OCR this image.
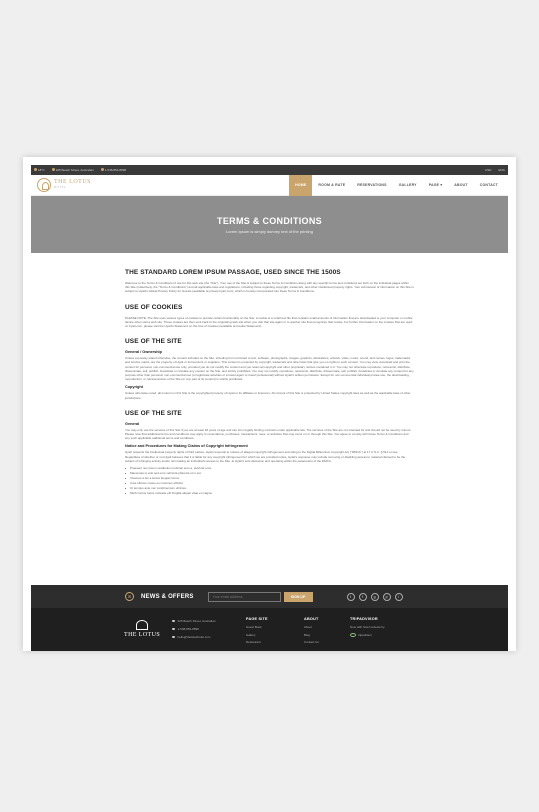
18°C	225 Beach Street, Australian	1-548-854-8898	USD ENG
THE LOTUS
HOTEL	HOME	ROOM & RATE	RESERVATIONS	GALLERY	PAGE ▾	ABOUT	CONTACT
TERMS & CONDITIONS

Lorem Ipsum is simply dummy text of the printing

THE STANDARD LOREM IPSUM PASSAGE, USED SINCE THE 1500S

Welcome to the Terms & Conditions of use for this web site (the "Site"). Your use of the Site is subject to these Terms & Conditions along with any specific terms and conditions set forth on the individual pages within this Site (collectively, the "Terms & Conditions") and all applicable laws and regulations, including those regarding copyright, trademark, and other intellectual property rights. Your submission of information on this Site is subject to Hyatt's Global Privacy Policy for Guests (available at privacy.hyatt.com), which is hereby incorporated into these Terms & Conditions.

USE OF COOKIES

PLEASE NOTE: The Site uses various types of cookies to provide certain functionality on the Site. A cookie is a small text file that contains small amounts of information that are downloaded to your computer or mobile device when visit a web site. These cookies are then sent back to the originating web site when you visit that site again or to another site that recognizes that cookie. For further information on the cookies that are used on hyatt.com, please visit the Hyatt's Statement on the Use of Cookies (available at Cookie Statement).

USE OF THE SITE
General / Ownership

Unless expressly stated otherwise, the content included on the Site, including but not limited to text, software, photographs, images, graphics, illustrations, artwork, video, music, sound, and names, logos, trademarks and service marks, are the property of Hyatt or its licensors or suppliers. This content is protected by copyright, trademark and other laws that give you no rights to such content. You may view, download and print the content for personal, non-commercial use only, provided you do not modify the content and you retain all copyright and other proprietary notices contained in it. You may not otherwise reproduce, retransmit, distribute, disseminate, sell, publish, broadcast or circulate any content on the Site, and strictly prohibited. You may not modify, reproduce, retransmit, distribute, disseminate, sell, publish, broadcast or circulate any content for any purpose other than personal, non-commercial use (or legitimate activities of a travel agent or travel professional) without Hyatt's written permission. Except for non-commercial individual private use, the downloading, reproduction, or retransmission of the Site (or any part of its content) is strictly prohibited.

Copyright

Unless otherwise noted, all content on this Site is the copyrighted property of Hyatt or its affiliates or licensors. All content of this Site is protected by United States copyright laws as well as the applicable laws of other jurisdictions.

USE OF THE SITE
General

You may only use the services of this Site if you are at least 18 years of age and can form legally binding contracts under applicable law. The services of the Site are not intended for and should not be used by minors. Please note that additional terms and conditions may apply to reservations, purchases, transactions, uses, or activities that may occur on or through this Site. You agree to comply with these Terms & Conditions and any such applicable additional terms and conditions.

Notice and Procedures for Making Claims of Copyright Infringement

Hyatt respects the intellectual property rights of third parties. Hyatt responds to notices of alleged copyright infringement according to the Digital Millennium Copyright Act ("DMCA") at 17 U.S.C. § 512 et seq. Regardless of whether or not Hyatt believes that it is liable for any copyright infringement for which we are provided notice, Hyatt's response may include removing or disabling access to material claimed to be the subject of infringing activity and/or terminating an individual's access to the Site, at Hyatt's sole discretion and operating within the parameters of the DMCA.

Praesent nec ipsum vestibulum pulvinar eros a, pulvinar eros.
Maecenas ut erat sed eros vehicula pharetra ut in est.
Vivamus a leo a lectus feugiat rutrum.
Cras ultrices metus eu maximus efficitur.
Ut tempus ante nec condimentum ultricies.
Morbi luctus turpis molestie elit fringilla aliquet vitae et magna.
✉	NEWS & OFFERS
Your email address	SIGN UP	t	f	g	p	i
THE LOTUS
225 Beach Street, Australian
1-548-854-8898
hello@thelotushotel.com
PAGE SITE
Guest Book
Gallery
Restaurant
ABOUT
About
Blog
Contact Us
TRIPADVISOR
Now with hotel reviews by
tripadvisor
